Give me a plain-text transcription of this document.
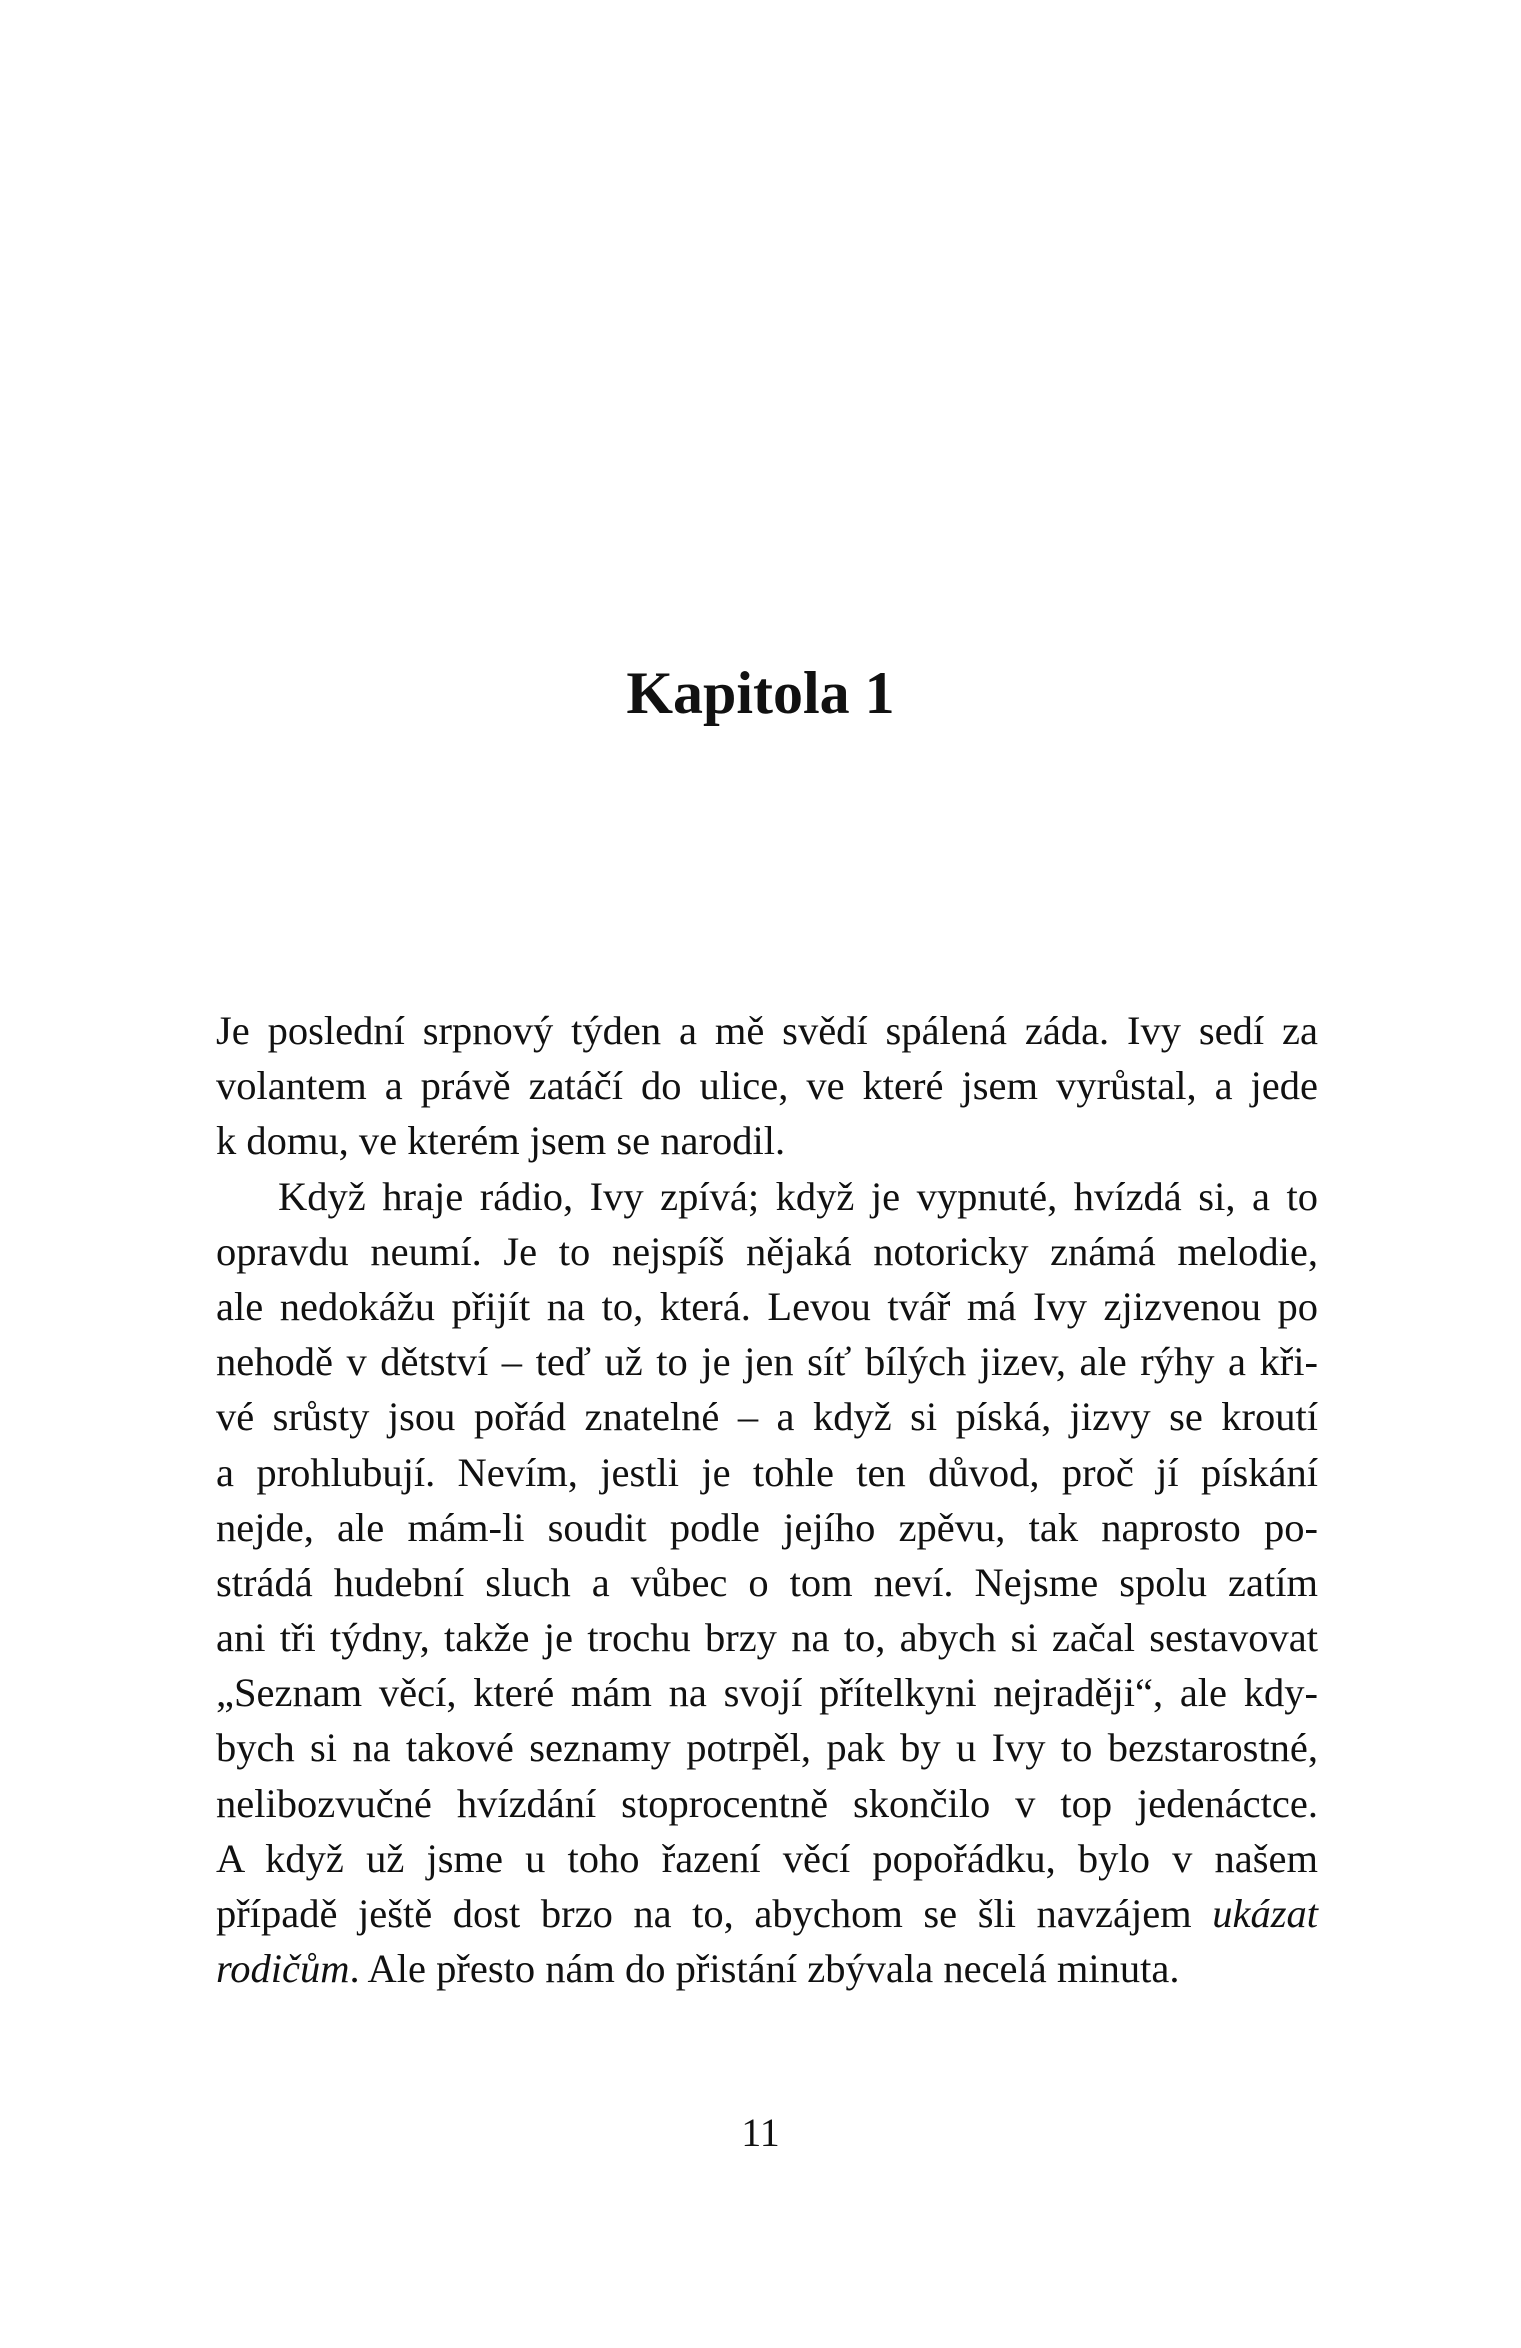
Kapitola 1
Je poslední srpnový týden a mě svědí spálená záda. Ivy sedí za
volantem a právě zatáčí do ulice, ve které jsem vyrůstal, a jede
k domu, ve kterém jsem se narodil.
Když hraje rádio, Ivy zpívá; když je vypnuté, hvízdá si, a to
opravdu neumí. Je to nejspíš nějaká notoricky známá melodie,
ale nedokážu přijít na to, která. Levou tvář má Ivy zjizvenou po
nehodě v dětství – teď už to je jen síť bílých jizev, ale rýhy a kři-
vé srůsty jsou pořád znatelné – a když si píská, jizvy se kroutí
a prohlubují. Nevím, jestli je tohle ten důvod, proč jí pískání
nejde, ale mám-li soudit podle jejího zpěvu, tak naprosto po-
strádá hudební sluch a vůbec o tom neví. Nejsme spolu zatím
ani tři týdny, takže je trochu brzy na to, abych si začal sestavovat
„Seznam věcí, které mám na svojí přítelkyni nejraději“, ale kdy-
bych si na takové seznamy potrpěl, pak by u Ivy to bezstarostné,
nelibozvučné hvízdání stoprocentně skončilo v top jedenáctce.
A když už jsme u toho řazení věcí popořádku, bylo v našem
případě ještě dost brzo na to, abychom se šli navzájem ukázat
rodičům. Ale přesto nám do přistání zbývala necelá minuta.
11
